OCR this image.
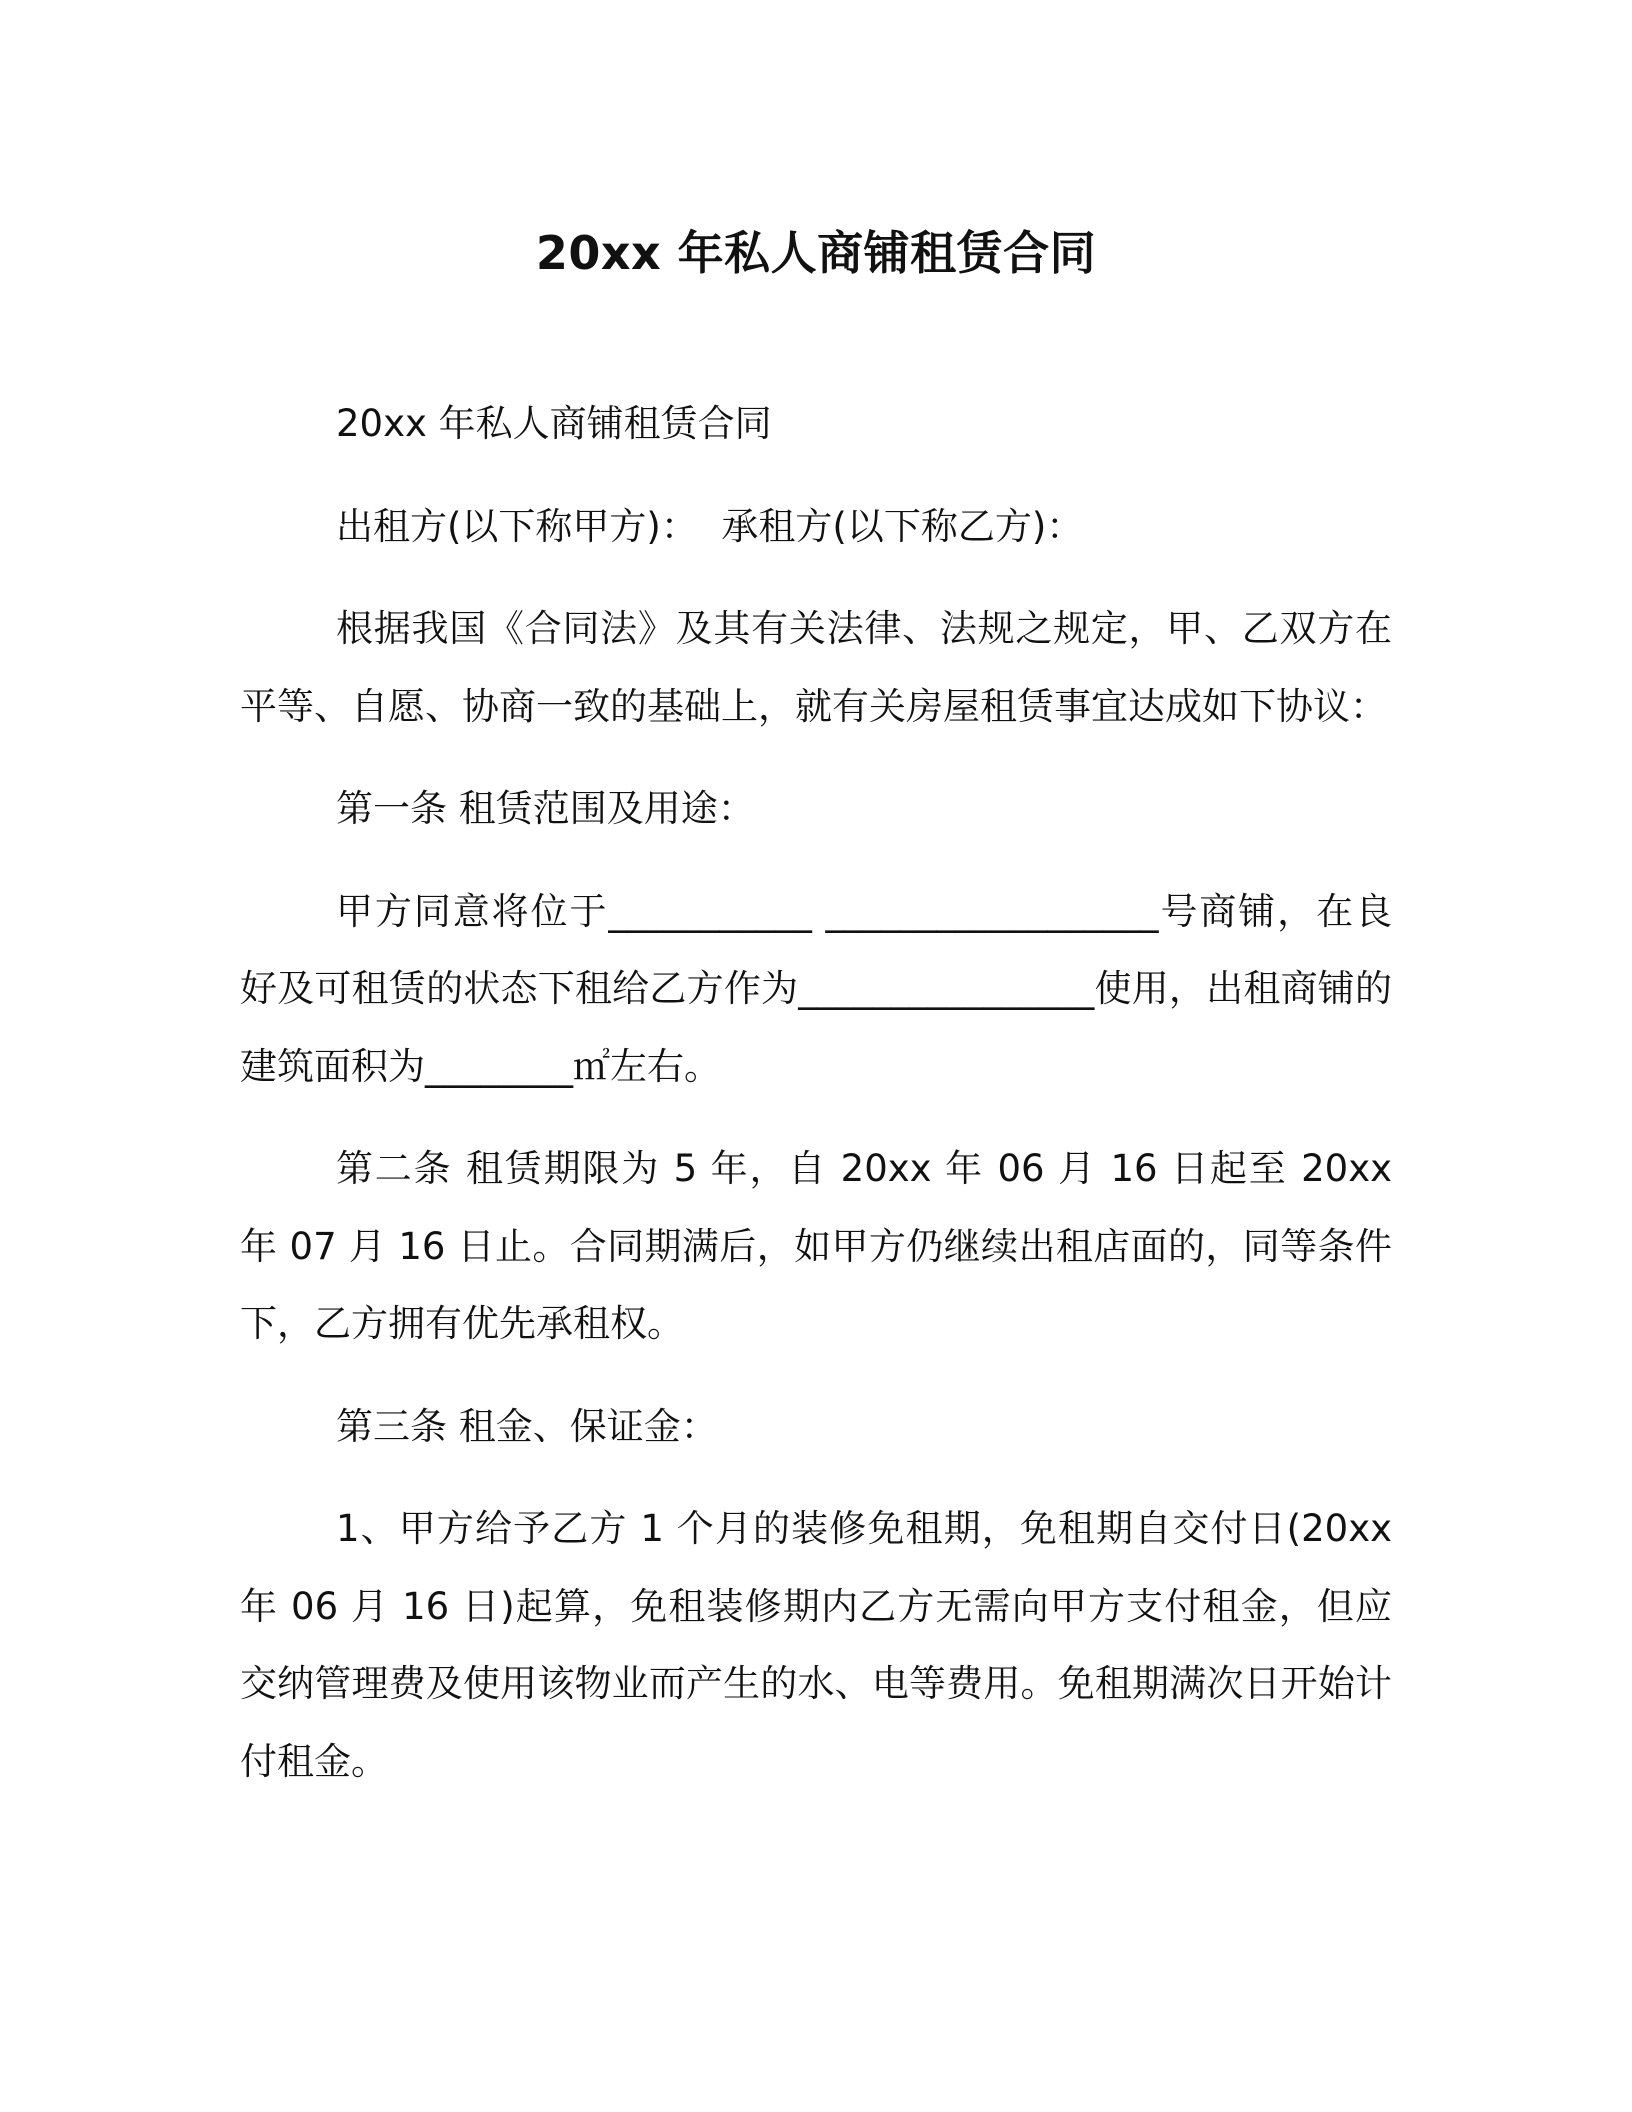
20xx 年私人商铺租赁合同

20xx 年私人商铺租赁合同

出租方(以下称甲方)：  承租方(以下称乙方)：

根据我国《合同法》及其有关法律、法规之规定，甲、乙双方在平等、自愿、协商一致的基础上，就有关房屋租赁事宜达成如下协议：

第一条 租赁范围及用途：

甲方同意将位于___________ __________________号商铺，在良好及可租赁的状态下租给乙方作为________________使用，出租商铺的建筑面积为________㎡左右。

第二条 租赁期限为 5 年，自 20xx 年 06 月 16 日起至 20xx 年 07 月 16 日止。合同期满后，如甲方仍继续出租店面的，同等条件下，乙方拥有优先承租权。

第三条 租金、保证金：

1、甲方给予乙方 1 个月的装修免租期，免租期自交付日(20xx 年 06 月 16 日)起算，免租装修期内乙方无需向甲方支付租金，但应交纳管理费及使用该物业而产生的水、电等费用。免租期满次日开始计付租金。
